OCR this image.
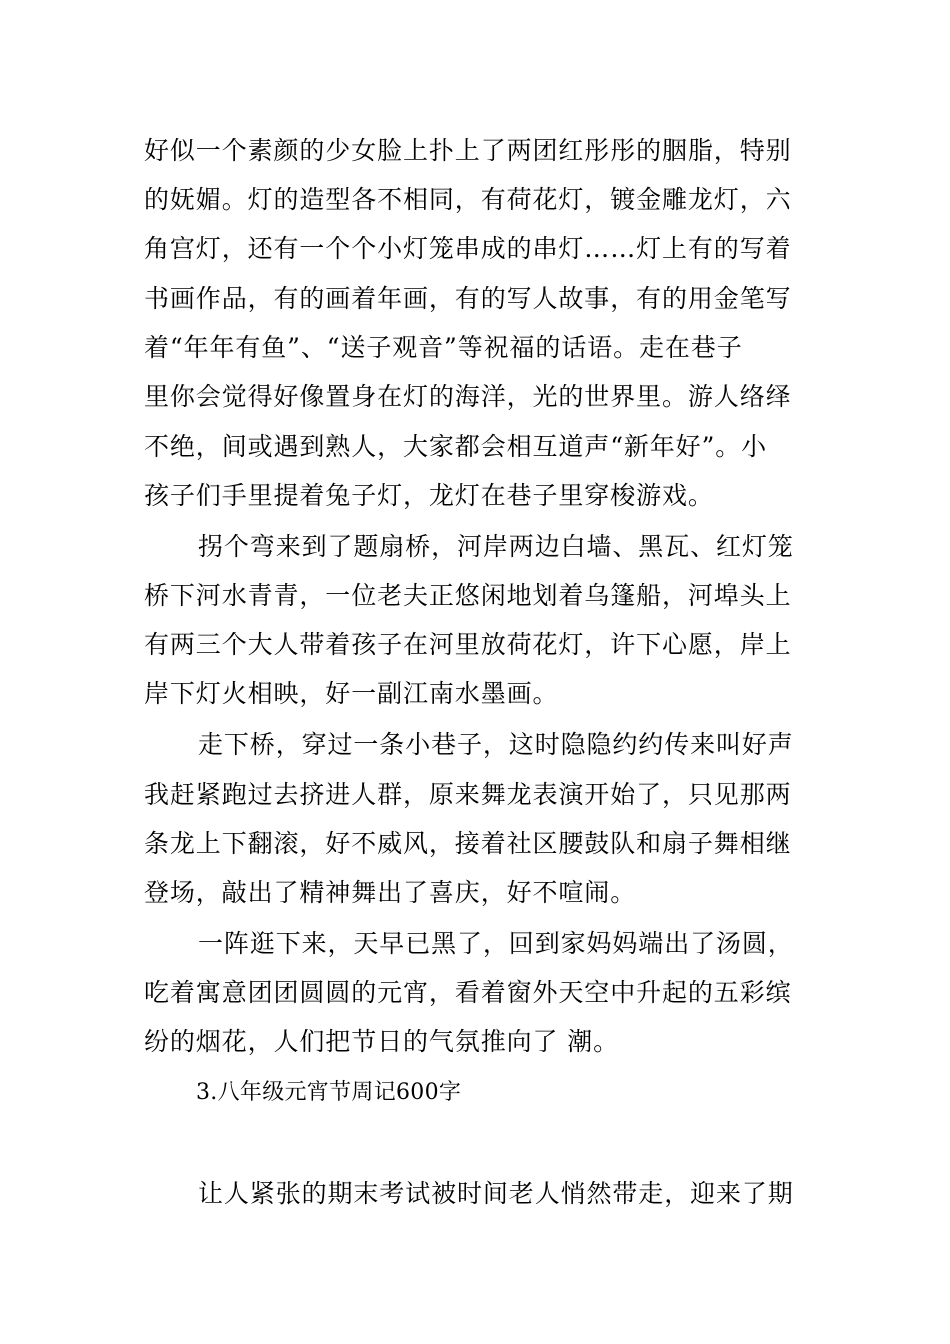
好似一个素颜的少女脸上扑上了两团红彤彤的胭脂，特别
的妩媚。灯的造型各不相同，有荷花灯，镀金雕龙灯，六
角宫灯，还有一个个小灯笼串成的串灯……灯上有的写着
书画作品，有的画着年画，有的写人故事，有的用金笔写
着“年年有鱼”、“送子观音”等祝福的话语。走在巷子
里你会觉得好像置身在灯的海洋，光的世界里。游人络绎
不绝，间或遇到熟人，大家都会相互道声“新年好”。小
孩子们手里提着兔子灯，龙灯在巷子里穿梭游戏。
拐个弯来到了题扇桥，河岸两边白墙、黑瓦、红灯笼
桥下河水青青，一位老夫正悠闲地划着乌篷船，河埠头上
有两三个大人带着孩子在河里放荷花灯，许下心愿，岸上
岸下灯火相映，好一副江南水墨画。
走下桥，穿过一条小巷子，这时隐隐约约传来叫好声
我赶紧跑过去挤进人群，原来舞龙表演开始了，只见那两
条龙上下翻滚，好不威风，接着社区腰鼓队和扇子舞相继
登场，敲出了精神舞出了喜庆，好不喧闹。
一阵逛下来，天早已黑了，回到家妈妈端出了汤圆，
吃着寓意团团圆圆的元宵，看着窗外天空中升起的五彩缤
纷的烟花，人们把节日的气氛推向了 潮。
3.八年级元宵节周记600字
让人紧张的期末考试被时间老人悄然带走，迎来了期
